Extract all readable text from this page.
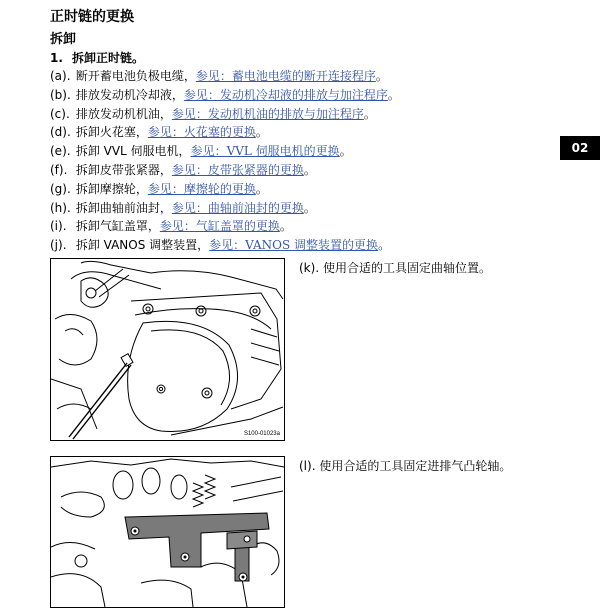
正时链的更换
拆卸
1. 拆卸正时链。
(a). 断开蓄电池负极电缆，参见：蓄电池电缆的断开连接程序。
(b). 排放发动机冷却液，参见：发动机冷却液的排放与加注程序。
(c). 排放发动机机油，参见：发动机机油的排放与加注程序。
(d). 拆卸火花塞，参见：火花塞的更换。
(e). 拆卸 VVL 伺服电机，参见：VVL 伺服电机的更换。
(f). 拆卸皮带张紧器，参见：皮带张紧器的更换。
(g). 拆卸摩擦轮，参见：摩擦轮的更换。
(h). 拆卸曲轴前油封，参见：曲轴前油封的更换。
(i). 拆卸气缸盖罩，参见：气缸盖罩的更换。
(j). 拆卸 VANOS 调整装置，参见：VANOS 调整装置的更换。
02
S100-01023a
(k). 使用合适的工具固定曲轴位置。
(l). 使用合适的工具固定进排气凸轮轴。
